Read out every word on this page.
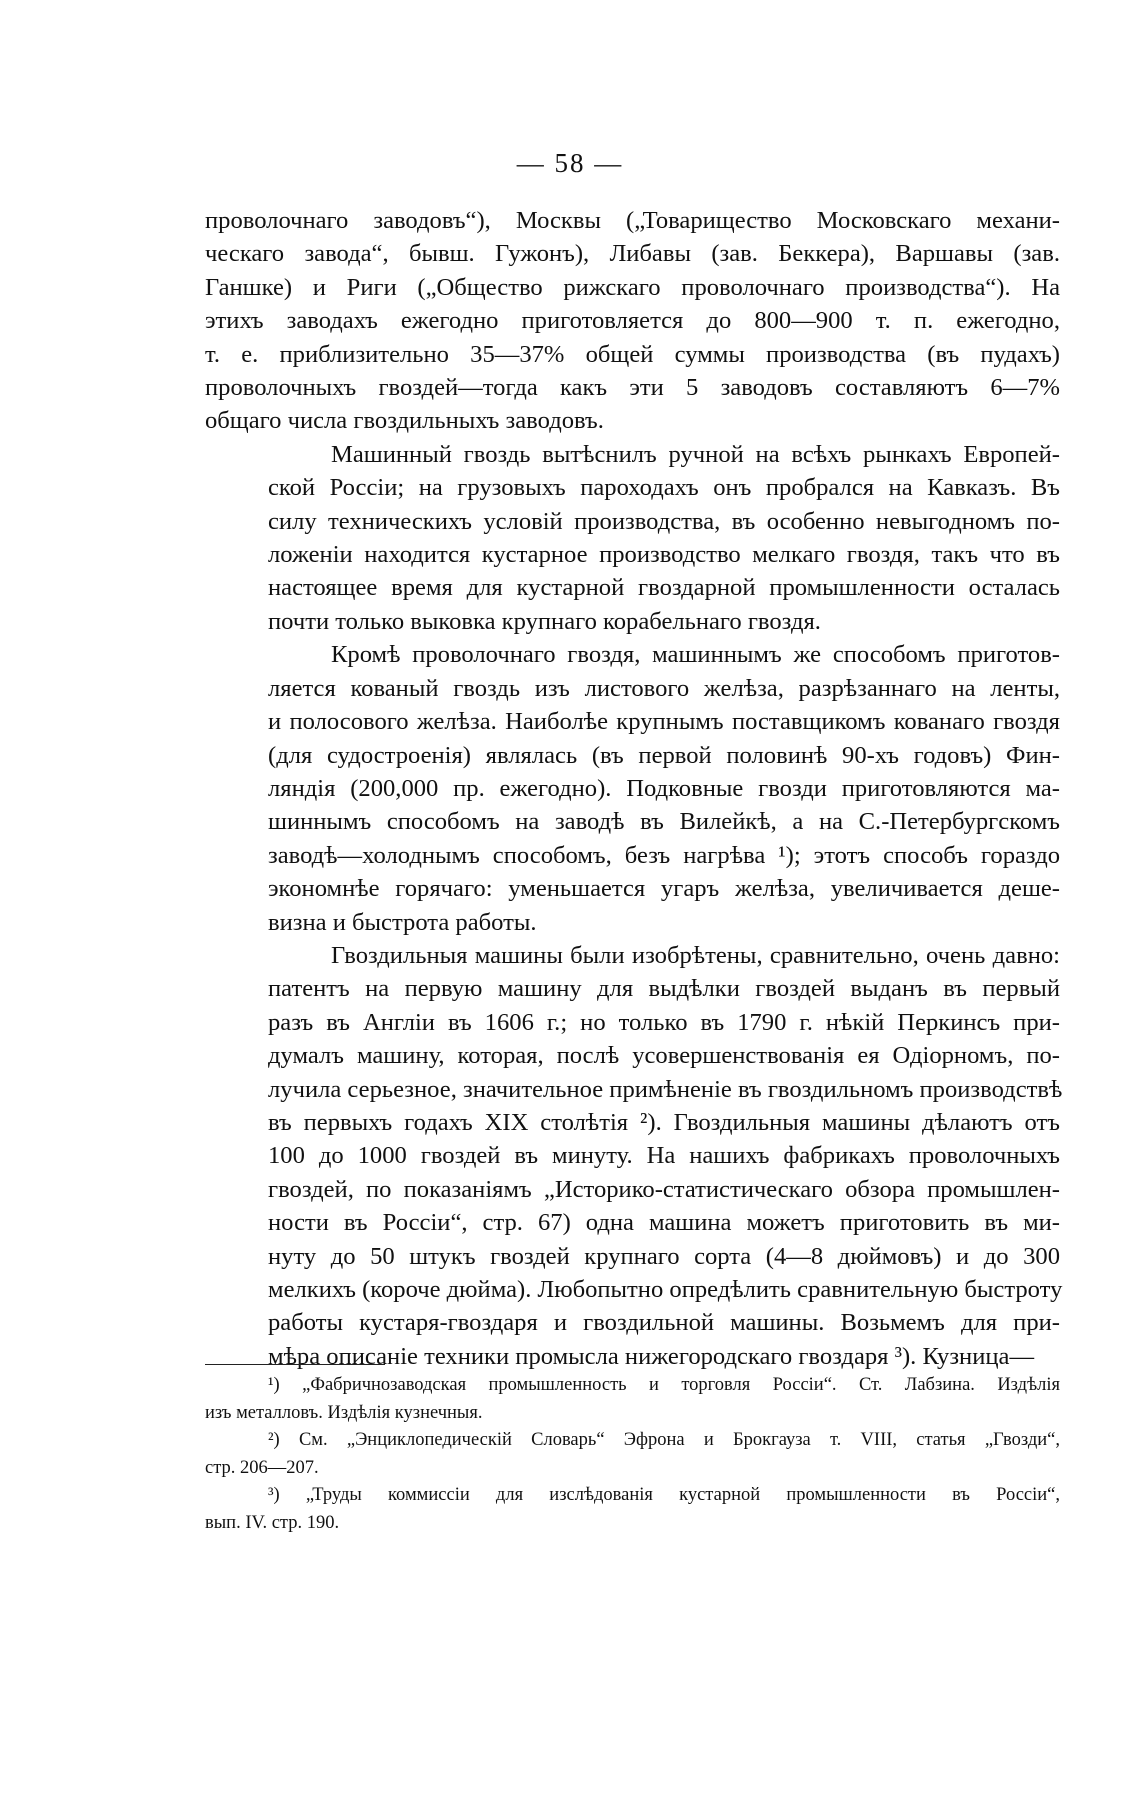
— 58 —

проволочнаго заводовъ“), Москвы („Товарищество Московскаго механи-
ческаго завода“, бывш. Гужонъ), Либавы (зав. Беккера), Варшавы (зав.
Ганшке) и Риги („Общество рижскаго проволочнаго производства“). На
этихъ заводахъ ежегодно приготовляется до 800—900 т. п. ежегодно,
т. е. приблизительно 35—37% общей суммы производства (въ пудахъ)
проволочныхъ гвоздей—тогда какъ эти 5 заводовъ составляютъ 6—7%
общаго числа гвоздильныхъ заводовъ.

Машинный гвоздь вытѣснилъ ручной на всѣхъ рынкахъ Европей-
ской Россіи; на грузовыхъ пароходахъ онъ пробрался на Кавказъ. Въ
силу техническихъ условій производства, въ особенно невыгодномъ по-
ложеніи находится кустарное производство мелкаго гвоздя, такъ что въ
настоящее время для кустарной гвоздарной промышленности осталась
почти только выковка крупнаго корабельнаго гвоздя.

Кромѣ проволочнаго гвоздя, машиннымъ же способомъ приготов-
ляется кованый гвоздь изъ листового желѣза, разрѣзаннаго на ленты,
и полосового желѣза. Наиболѣе крупнымъ поставщикомъ кованаго гвоздя
(для судостроенія) являлась (въ первой половинѣ 90-хъ годовъ) Фин-
ляндія (200,000 пр. ежегодно). Подковные гвозди приготовляются ма-
шиннымъ способомъ на заводѣ въ Вилейкѣ, а на С.-Петербургскомъ
заводѣ—холоднымъ способомъ, безъ нагрѣва ¹); этотъ способъ гораздо
экономнѣе горячаго: уменьшается угаръ желѣза, увеличивается деше-
визна и быстрота работы.

Гвоздильныя машины были изобрѣтены, сравнительно, очень давно:
патентъ на первую машину для выдѣлки гвоздей выданъ въ первый
разъ въ Англіи въ 1606 г.; но только въ 1790 г. нѣкій Перкинсъ при-
думалъ машину, которая, послѣ усовершенствованія ея Одіорномъ, по-
лучила серьезное, значительное примѣненіе въ гвоздильномъ производствѣ
въ первыхъ годахъ XIX столѣтія ²). Гвоздильныя машины дѣлаютъ отъ
100 до 1000 гвоздей въ минуту. На нашихъ фабрикахъ проволочныхъ
гвоздей, по показаніямъ „Историко-статистическаго обзора промышлен-
ности въ Россіи“, стр. 67) одна машина можетъ приготовить въ ми-
нуту до 50 штукъ гвоздей крупнаго сорта (4—8 дюймовъ) и до 300
мелкихъ (короче дюйма). Любопытно опредѣлить сравнительную быстроту
работы кустаря-гвоздаря и гвоздильной машины. Возьмемъ для при-
мѣра описаніе техники промысла нижегородскаго гвоздаря ³). Кузница—

¹) „Фабричнозаводская промышленность и торговля Россіи“. Ст. Лабзина. Издѣлія
изъ металловъ. Издѣлія кузнечныя.

²) См. „Энциклопедическій Словарь“ Эфрона и Брокгауза т. VIII, статья „Гвозди“,
стр. 206—207.

³) „Труды коммиссіи для изслѣдованія кустарной промышленности въ Россіи“,
вып. IV. стр. 190.
